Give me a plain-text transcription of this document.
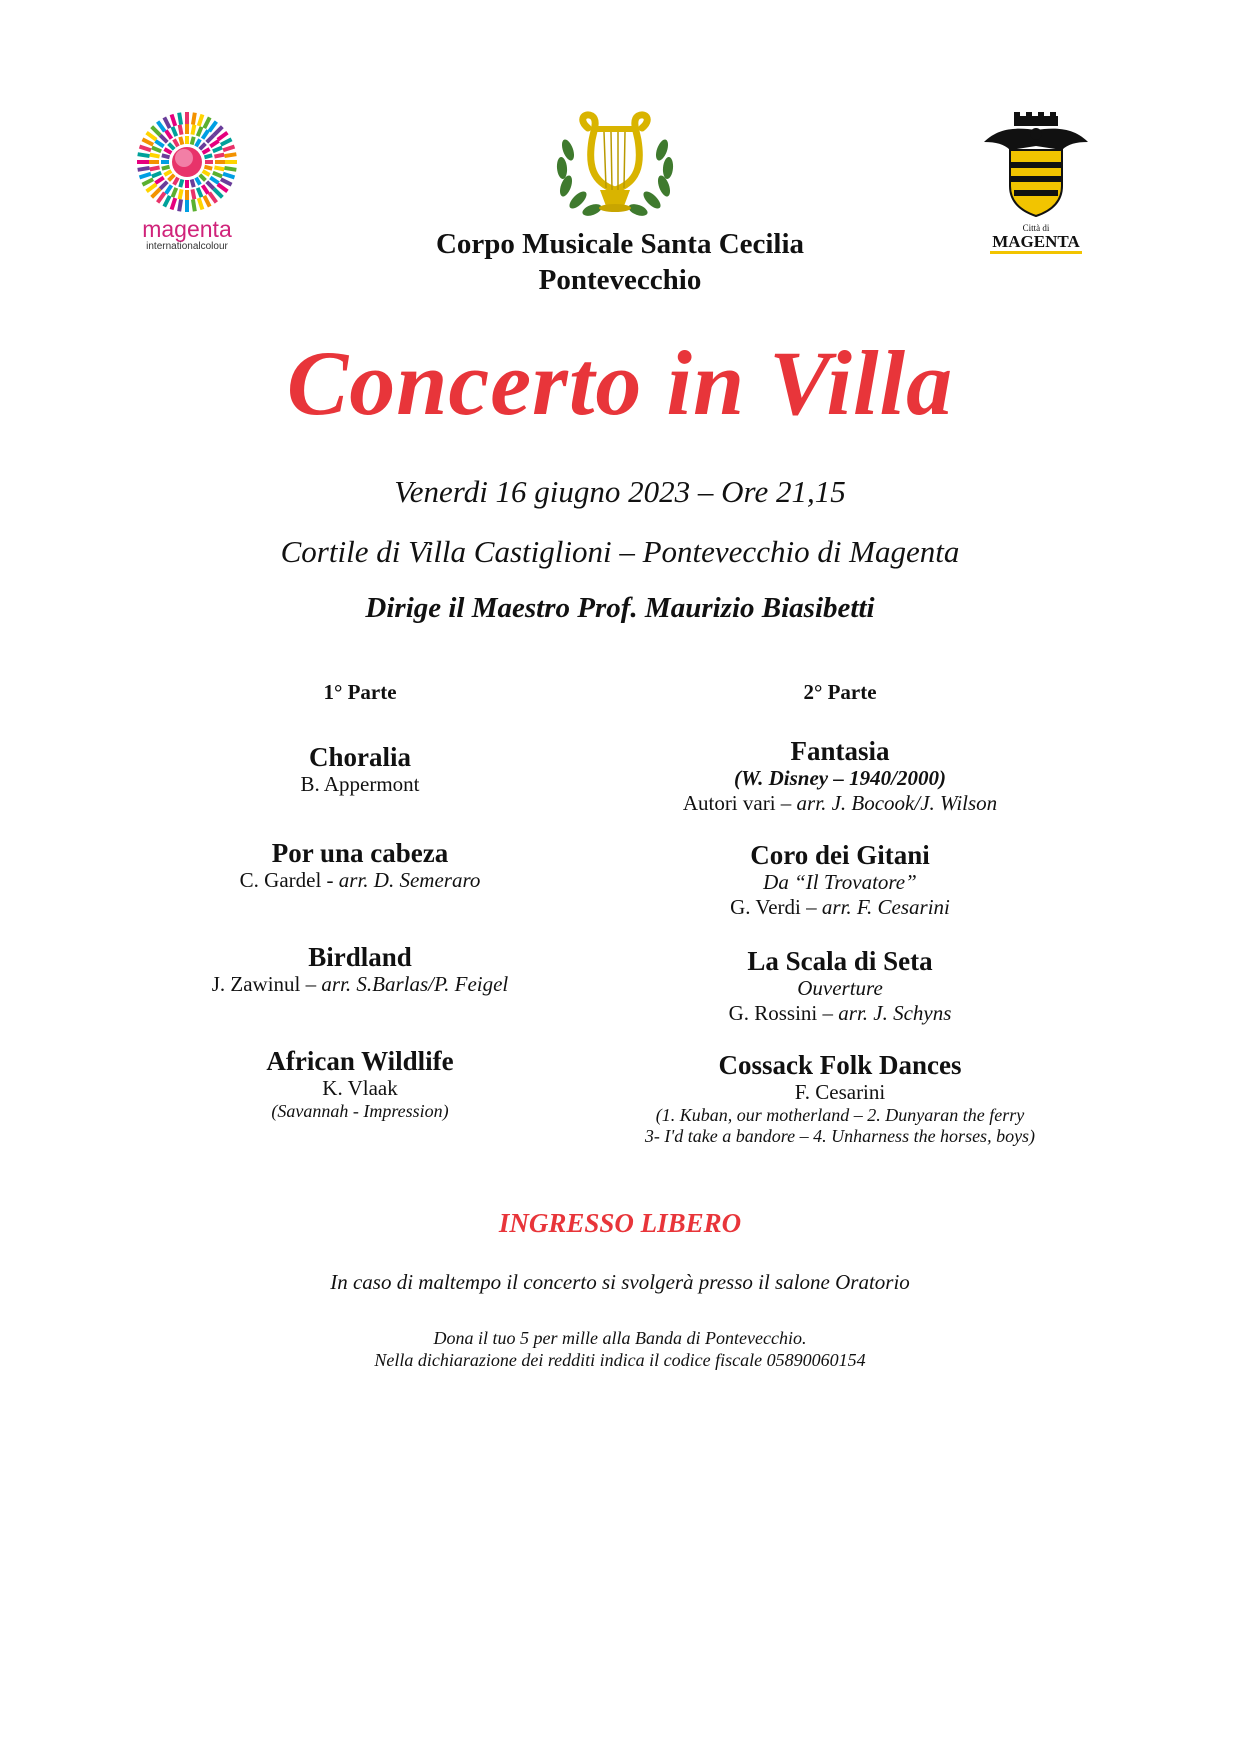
magenta
internationalcolour
Città di
MAGENTA
Corpo Musicale Santa Cecilia
Pontevecchio
Concerto in Villa
Venerdi 16 giugno 2023 – Ore 21,15
Cortile di Villa Castiglioni – Pontevecchio di Magenta
Dirige il Maestro Prof. Maurizio Biasibetti
1° Parte
Choralia
B. Appermont
Por una cabeza
C. Gardel - arr. D. Semeraro
Birdland
J. Zawinul – arr. S.Barlas/P. Feigel
African Wildlife
K. Vlaak
(Savannah - Impression)
2° Parte
Fantasia
(W. Disney – 1940/2000)
Autori vari – arr. J. Bocook/J. Wilson
Coro dei Gitani
Da “Il Trovatore”
G. Verdi – arr. F. Cesarini
La Scala di Seta
Ouverture
G. Rossini – arr. J. Schyns
Cossack Folk Dances
F. Cesarini
(1. Kuban, our motherland – 2. Dunyaran the ferry
3- I'd take a bandore – 4. Unharness the horses, boys)
INGRESSO LIBERO
In caso di maltempo il concerto si svolgerà presso il salone Oratorio
Dona il tuo 5 per mille alla Banda di Pontevecchio.
Nella dichiarazione dei redditi indica il codice fiscale 05890060154
